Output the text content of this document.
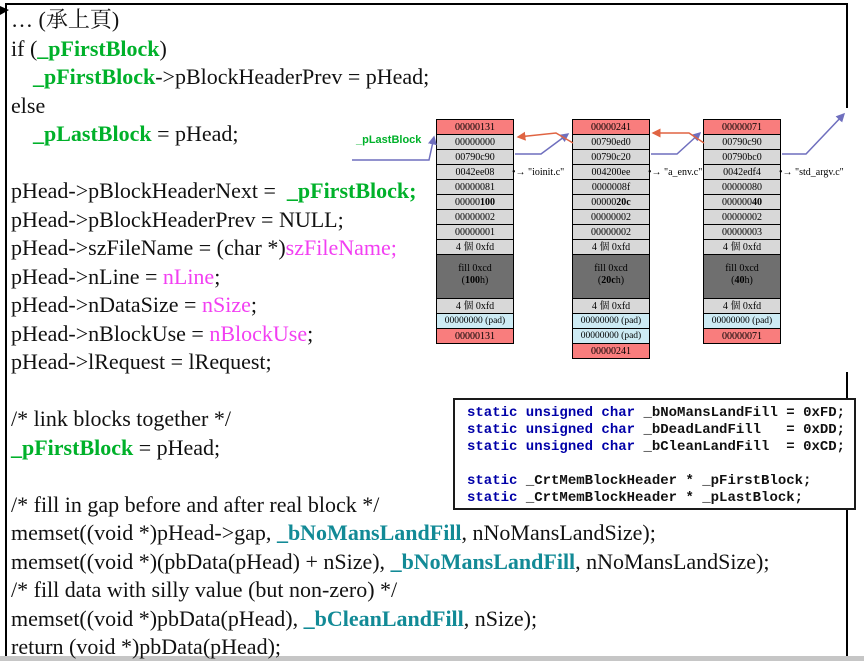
… (承上頁)
if (_pFirstBlock)
_pFirstBlock->pBlockHeaderPrev = pHead;
else
_pLastBlock = pHead;
pHead->pBlockHeaderNext =  _pFirstBlock;
pHead->pBlockHeaderPrev = NULL;
pHead->szFileName = (char *)szFileName;
pHead->nLine = nLine;
pHead->nDataSize = nSize;
pHead->nBlockUse = nBlockUse;
pHead->lRequest = lRequest;
/* link blocks together */
_pFirstBlock = pHead;
/* fill in gap before and after real block */
memset((void *)pHead->gap, _bNoMansLandFill, nNoMansLandSize);
memset((void *)(pbData(pHead) + nSize), _bNoMansLandFill, nNoMansLandSize);
/* fill data with silly value (but non-zero) */
memset((void *)pbData(pHead), _bCleanLandFill, nSize);
return (void *)pbData(pHead);
00000131
00000000
00790c90
0042ee08
00000081
00000100
00000002
00000001
4 個 0xfd
fill 0xcd
(100h)
4 個 0xfd
00000000 (pad)
00000131
•→ "ioinit.c"
00000241
00790ed0
00790c20
004200ee
0000008f
0000020c
00000002
00000002
4 個 0xfd
fill 0xcd
(20ch)
4 個 0xfd
00000000 (pad)
00000000 (pad)
00000241
•→ "a_env.c"
00000071
00790c90
00790bc0
0042edf4
00000080
00000040
00000002
00000003
4 個 0xfd
fill 0xcd
(40h)
4 個 0xfd
00000000 (pad)
00000071
•→ "std_argv.c"
_pLastBlock
static unsigned char _bNoMansLandFill = 0xFD;
static unsigned char _bDeadLandFill   = 0xDD;
static unsigned char _bCleanLandFill  = 0xCD;
static _CrtMemBlockHeader * _pFirstBlock;
static _CrtMemBlockHeader * _pLastBlock;
